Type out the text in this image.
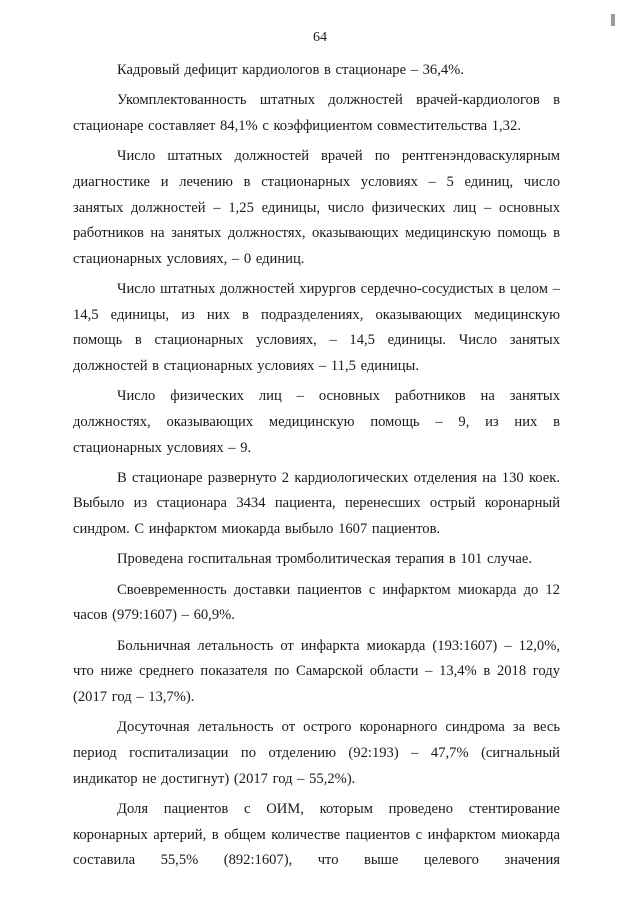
64

Кадровый дефицит кардиологов в стационаре – 36,4%.

Укомплектованность штатных должностей врачей-кардиологов в стационаре составляет 84,1% с коэффициентом совместительства 1,32.

Число штатных должностей врачей по рентгенэндоваскулярным диагностике и лечению в стационарных условиях – 5 единиц, число занятых должностей – 1,25 единицы, число физических лиц – основных работников на занятых должностях, оказывающих медицинскую помощь в стационарных условиях, – 0 единиц.

Число штатных должностей хирургов сердечно-сосудистых в целом – 14,5 единицы, из них в подразделениях, оказывающих медицинскую помощь в стационарных условиях, – 14,5 единицы. Число занятых должностей в стационарных условиях – 11,5 единицы.

Число физических лиц – основных работников на занятых должностях, оказывающих медицинскую помощь – 9, из них в стационарных условиях – 9.

В стационаре развернуто 2 кардиологических отделения на 130 коек. Выбыло из стационара 3434 пациента, перенесших острый коронарный синдром. С инфарктом миокарда выбыло 1607 пациентов.

Проведена госпитальная тромболитическая терапия в 101 случае.

Своевременность доставки пациентов с инфарктом миокарда до 12 часов (979:1607) – 60,9%.

Больничная летальность от инфаркта миокарда (193:1607) – 12,0%, что ниже среднего показателя по Самарской области – 13,4% в 2018 году (2017 год – 13,7%).

Досуточная летальность от острого коронарного синдрома за весь период госпитализации по отделению (92:193) – 47,7% (сигнальный индикатор не достигнут) (2017 год – 55,2%).

Доля пациентов с ОИМ, которым проведено стентирование коронарных артерий, в общем количестве пациентов с инфарктом миокарда составила 55,5% (892:1607), что выше целевого значения
